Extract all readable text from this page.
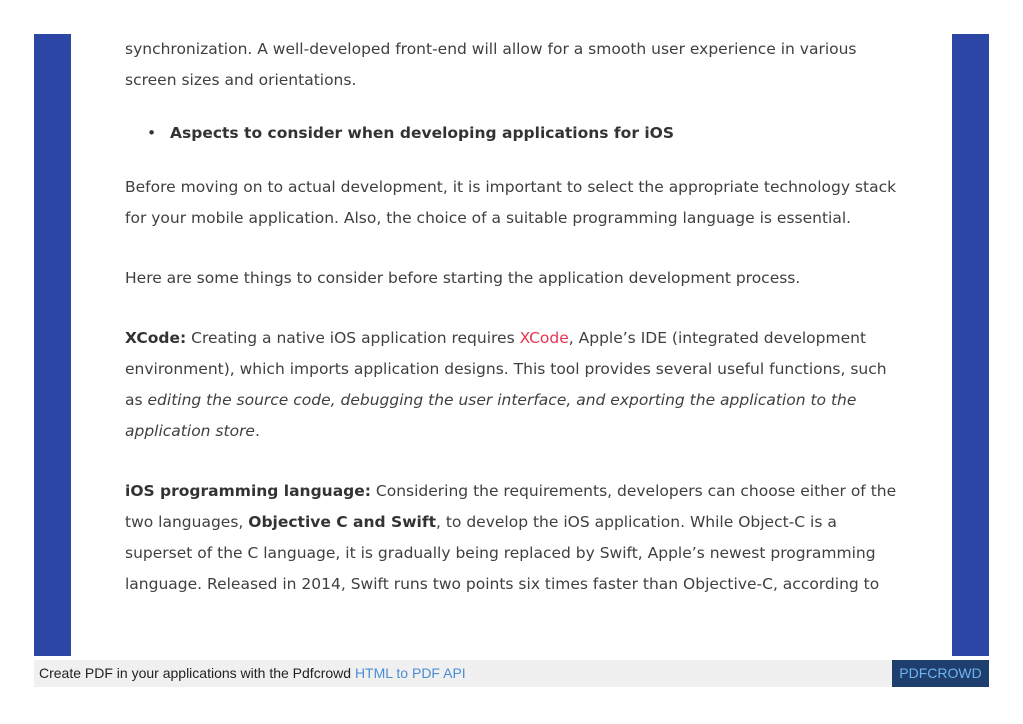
synchronization. A well-developed front-end will allow for a smooth user experience in various screen sizes and orientations.

• Aspects to consider when developing applications for iOS

Before moving on to actual development, it is important to select the appropriate technology stack for your mobile application. Also, the choice of a suitable programming language is essential.

Here are some things to consider before starting the application development process.

XCode: Creating a native iOS application requires XCode, Apple’s IDE (integrated development environment), which imports application designs. This tool provides several useful functions, such as editing the source code, debugging the user interface, and exporting the application to the application store.

iOS programming language: Considering the requirements, developers can choose either of the two languages, Objective C and Swift, to develop the iOS application. While Object-C is a superset of the C language, it is gradually being replaced by Swift, Apple’s newest programming language. Released in 2014, Swift runs two points six times faster than Objective-C, according to

Create PDF in your applications with the Pdfcrowd HTML to PDF API	PDFCROWD
